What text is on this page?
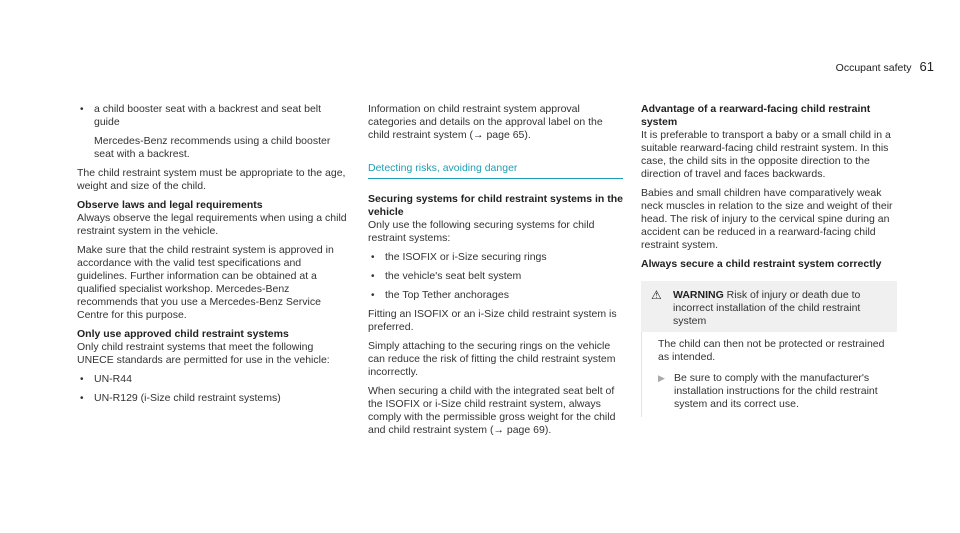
Occupant safety 61
•
a child booster seat with a backrest and seat belt guide

Mercedes-Benz recommends using a child booster seat with a backrest.

The child restraint system must be appropriate to the age, weight and size of the child.

Observe laws and legal requirements

Always observe the legal requirements when using a child restraint system in the vehicle.

Make sure that the child restraint system is approved in accordance with the valid test specifications and guidelines. Further information can be obtained at a qualified specialist workshop. Mercedes-Benz recommends that you use a Mercedes-Benz Service Centre for this purpose.

Only use approved child restraint systems

Only child restraint systems that meet the following UNECE standards are permitted for use in the vehicle:

•
UN-R44
•
UN-R129 (i-Size child restraint systems)

Information on child restraint system approval categories and details on the approval label on the child restraint system (→ page 65).

Detecting risks, avoiding danger
Securing systems for child restraint systems in the vehicle

Only use the following securing systems for child restraint systems:

•
the ISOFIX or i-Size securing rings
•
the vehicle's seat belt system
•
the Top Tether anchorages

Fitting an ISOFIX or an i-Size child restraint system is preferred.

Simply attaching to the securing rings on the vehicle can reduce the risk of fitting the child restraint system incorrectly.

When securing a child with the integrated seat belt of the ISOFIX or i-Size child restraint system, always comply with the permissible gross weight for the child and child restraint system (→ page 69).

Advantage of a rearward-facing child restraint system

It is preferable to transport a baby or a small child in a suitable rearward-facing child restraint system. In this case, the child sits in the opposite direction to the direction of travel and faces backwards.

Babies and small children have comparatively weak neck muscles in relation to the size and weight of their head. The risk of injury to the cervical spine during an accident can be reduced in a rearward-facing child restraint system.

Always secure a child restraint system correctly

⚠	WARNING Risk of injury or death due to incorrect installation of the child restraint system
The child can then not be protected or restrained as intended.
▶ Be sure to comply with the manufacturer's installation instructions for the child restraint system and its correct use.
